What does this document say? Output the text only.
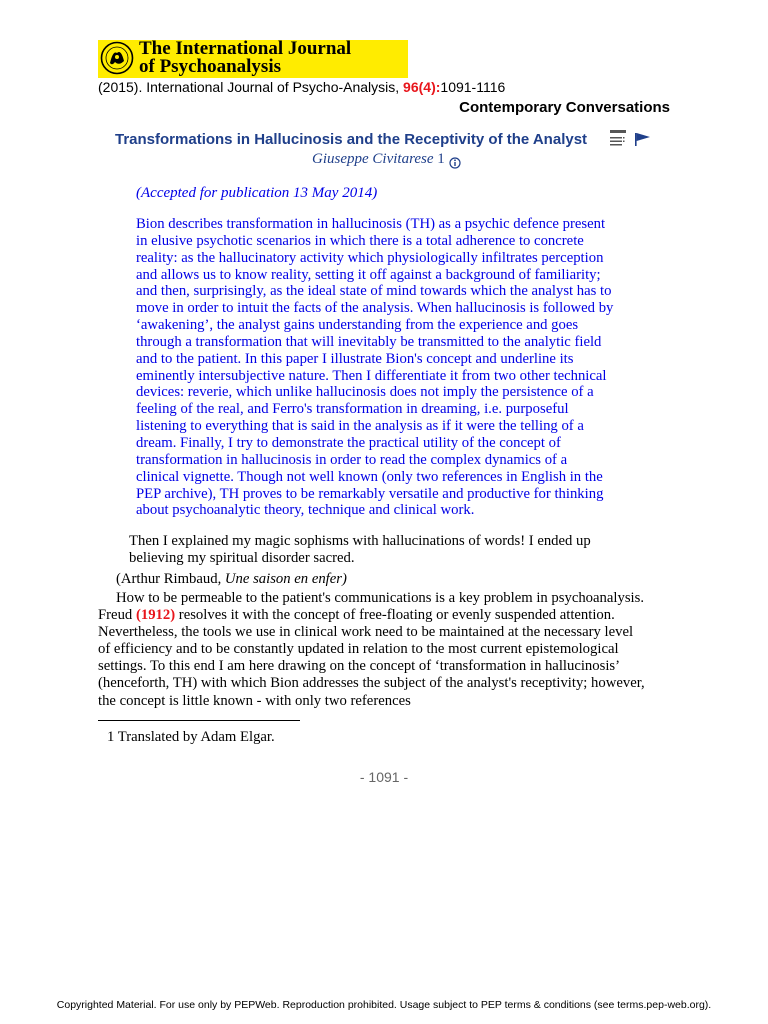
The International Journal
of Psychoanalysis
(2015). International Journal of Psycho-Analysis, 96(4):1091-1116
Contemporary Conversations
Transformations in Hallucinosis and the Receptivity of the Analyst
Giuseppe Civitarese 1
(Accepted for publication 13 May 2014)
Bion describes transformation in hallucinosis (TH) as a psychic defence present
in elusive psychotic scenarios in which there is a total adherence to concrete
reality: as the hallucinatory activity which physiologically infiltrates perception
and allows us to know reality, setting it off against a background of familiarity;
and then, surprisingly, as the ideal state of mind towards which the analyst has to
move in order to intuit the facts of the analysis. When hallucinosis is followed by
‘awakening’, the analyst gains understanding from the experience and goes
through a transformation that will inevitably be transmitted to the analytic field
and to the patient. In this paper I illustrate Bion's concept and underline its
eminently intersubjective nature. Then I differentiate it from two other technical
devices: reverie, which unlike hallucinosis does not imply the persistence of a
feeling of the real, and Ferro's transformation in dreaming, i.e. purposeful
listening to everything that is said in the analysis as if it were the telling of a
dream. Finally, I try to demonstrate the practical utility of the concept of
transformation in hallucinosis in order to read the complex dynamics of a
clinical vignette. Though not well known (only two references in English in the
PEP archive), TH proves to be remarkably versatile and productive for thinking
about psychoanalytic theory, technique and clinical work.
Then I explained my magic sophisms with hallucinations of words! I ended up
believing my spiritual disorder sacred.
(Arthur Rimbaud, Une saison en enfer)
How to be permeable to the patient's communications is a key problem in psychoanalysis.
Freud (1912) resolves it with the concept of free-floating or evenly suspended attention.
Nevertheless, the tools we use in clinical work need to be maintained at the necessary level
of efficiency and to be constantly updated in relation to the most current epistemological
settings. To this end I am here drawing on the concept of ‘transformation in hallucinosis’
(henceforth, TH) with which Bion addresses the subject of the analyst's receptivity; however,
the concept is little known - with only two references
1 Translated by Adam Elgar.
- 1091 -
Copyrighted Material. For use only by PEPWeb. Reproduction prohibited. Usage subject to PEP terms & conditions (see terms.pep-web.org).
